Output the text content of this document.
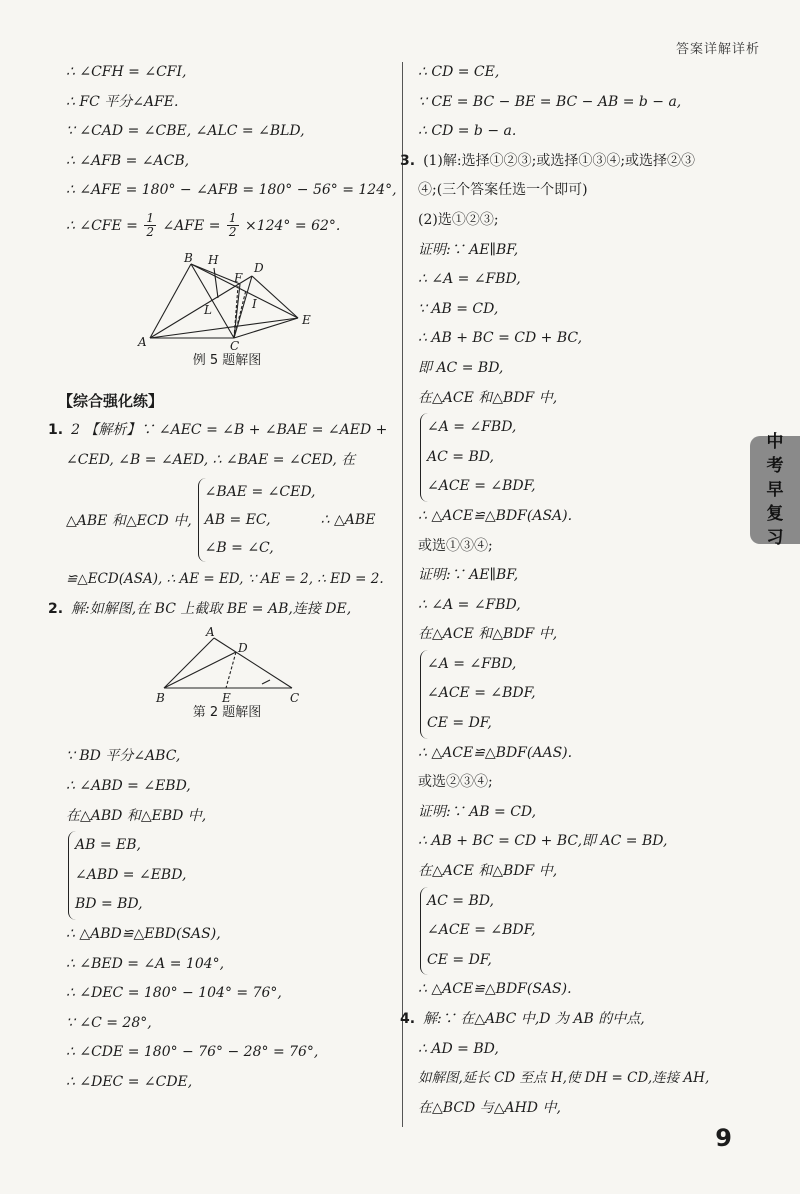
答案详解详析
∴ ∠CFH = ∠CFI,
∴ FC 平分∠AFE.
∵ ∠CAD = ∠CBE, ∠ALC = ∠BLD,
∴ ∠AFB = ∠ACB,
∴ ∠AFE = 180° − ∠AFB = 180° − 56° = 124°,
∴ ∠CFE = $\frac{1}{2}$ ∠AFE = $\frac{1}{2} \times 124^\circ = 62^\circ$.
B H
D
F
L	I
E
A	C
例 5 题解图
【综合强化练】
1. 2 【解析】∵ ∠AEC = ∠B + ∠BAE = ∠AED +
∠CED, ∠B = ∠AED, ∴ ∠BAE = ∠CED, 在
△ABE 和△ECD 中,
∠BAE = ∠CED,
AB = EC,
∠B = ∠C,
∴ △ABE
≌△ECD(ASA), ∴ AE = ED, ∵ AE = 2, ∴ ED = 2.
2. 解:如解图,在 BC 上截取 BE = AB,连接 DE,
A
D
B	E	C
第 2 题解图
∵ BD 平分∠ABC,
∴ ∠ABD = ∠EBD,
在△ABD 和△EBD 中,
AB = EB,
∠ABD = ∠EBD,
BD = BD,
∴ △ABD≌△EBD(SAS),
∴ ∠BED = ∠A = 104°,
∴ ∠DEC = 180° − 104° = 76°,
∵ ∠C = 28°,
∴ ∠CDE = 180° − 76° − 28° = 76°,
∴ ∠DEC = ∠CDE,
∴ CD = CE,
∵ CE = BC − BE = BC − AB = b − a,
∴ CD = b − a.
3. (1)解:选择①②③;或选择①③④;或选择②③
④;(三个答案任选一个即可)
(2)选①②③;
证明:∵ AE∥BF,
∴ ∠A = ∠FBD,
∵ AB = CD,
∴ AB + BC = CD + BC,
即 AC = BD,
在△ACE 和△BDF 中,
∠A = ∠FBD,
AC = BD,
∠ACE = ∠BDF,
∴ △ACE≌△BDF(ASA).
或选①③④;
证明:∵ AE∥BF,
∴ ∠A = ∠FBD,
在△ACE 和△BDF 中,
∠A = ∠FBD,
∠ACE = ∠BDF,
CE = DF,
∴ △ACE≌△BDF(AAS).
或选②③④;
证明:∵ AB = CD,
∴ AB + BC = CD + BC,即 AC = BD,
在△ACE 和△BDF 中,
AC = BD,
∠ACE = ∠BDF,
CE = DF,
∴ △ACE≌△BDF(SAS).
4. 解:∵ 在△ABC 中,D 为 AB 的中点,
∴ AD = BD,
如解图,延长 CD 至点 H,使 DH = CD,连接 AH,
在△BCD 与△AHD 中,
中
考
早
复
习
9
